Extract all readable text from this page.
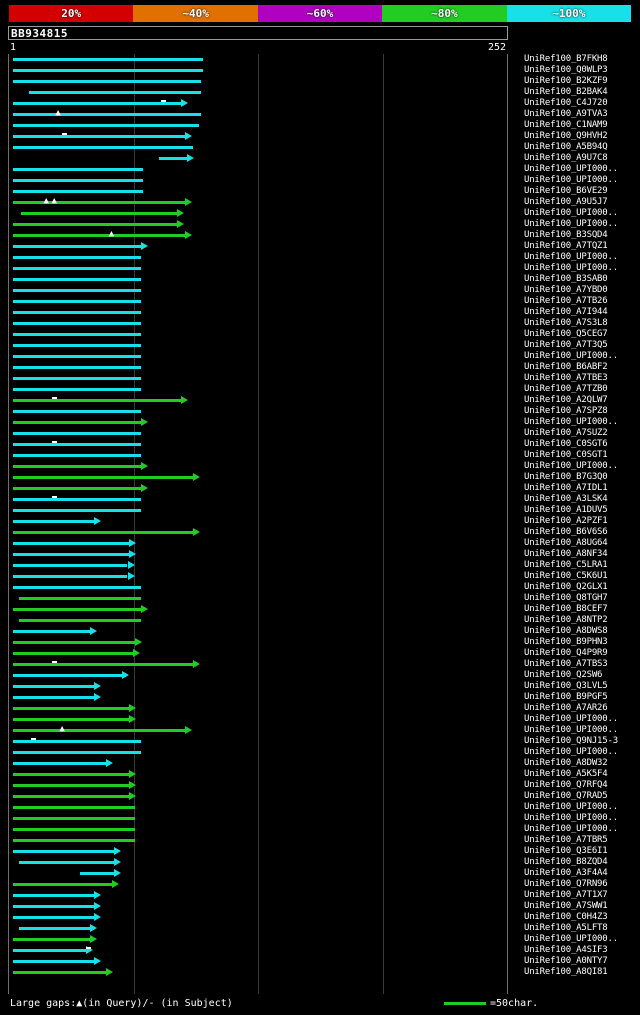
20%	~40%	~60%	~80%	~100%
BB934815
1	252
▲
▲ ▲
▲
▲
UniRef100_B7FKH8
UniRef100_Q0WLP3
UniRef100_B2KZF9
UniRef100_B2BAK4
UniRef100_C4J720
UniRef100_A9TVA3
UniRef100_C1NAM9
UniRef100_Q9HVH2
UniRef100_A5B94Q
UniRef100_A9U7C8
UniRef100_UPI000..
UniRef100_UPI000..
UniRef100_B6VE29
UniRef100_A9U5J7
UniRef100_UPI000..
UniRef100_UPI000..
UniRef100_B3SQD4
UniRef100_A7TQZ1
UniRef100_UPI000..
UniRef100_UPI000..
UniRef100_B3SAB0
UniRef100_A7YBD0
UniRef100_A7TB26
UniRef100_A7I944
UniRef100_A7S3L8
UniRef100_Q5CEG7
UniRef100_A7T3Q5
UniRef100_UPI000..
UniRef100_B6ABF2
UniRef100_A7TBE3
UniRef100_A7TZB0
UniRef100_A2QLW7
UniRef100_A7SPZ8
UniRef100_UPI000..
UniRef100_A7SUZ2
UniRef100_C0SGT6
UniRef100_C0SGT1
UniRef100_UPI000..
UniRef100_B7G3Q0
UniRef100_A7IDL1
UniRef100_A3LSK4
UniRef100_A1DUV5
UniRef100_A2PZF1
UniRef100_B6V6S6
UniRef100_A8UG64
UniRef100_A8NF34
UniRef100_C5LRA1
UniRef100_C5K6U1
UniRef100_Q2GLX1
UniRef100_Q8TGH7
UniRef100_B8CEF7
UniRef100_A8NTP2
UniRef100_A8DWS8
UniRef100_B9PHN3
UniRef100_Q4P9R9
UniRef100_A7TBS3
UniRef100_Q2SW6
UniRef100_Q3LVL5
UniRef100_B9PGF5
UniRef100_A7AR26
UniRef100_UPI000..
UniRef100_UPI000..
UniRef100_Q9NJ15-3
UniRef100_UPI000..
UniRef100_A8DW32
UniRef100_A5K5F4
UniRef100_Q7RFQ4
UniRef100_Q7RAD5
UniRef100_UPI000..
UniRef100_UPI000..
UniRef100_UPI000..
UniRef100_A7TBR5
UniRef100_Q3E6I1
UniRef100_B8ZQD4
UniRef100_A3F4A4
UniRef100_Q7RN96
UniRef100_A7T1X7
UniRef100_A7SWW1
UniRef100_C0H4Z3
UniRef100_A5LFT8
UniRef100_UPI000..
UniRef100_A4SIF3
UniRef100_A0NTY7
UniRef100_A8QI81
Large gaps:▲(in Query)/- (in Subject)	=50char.
